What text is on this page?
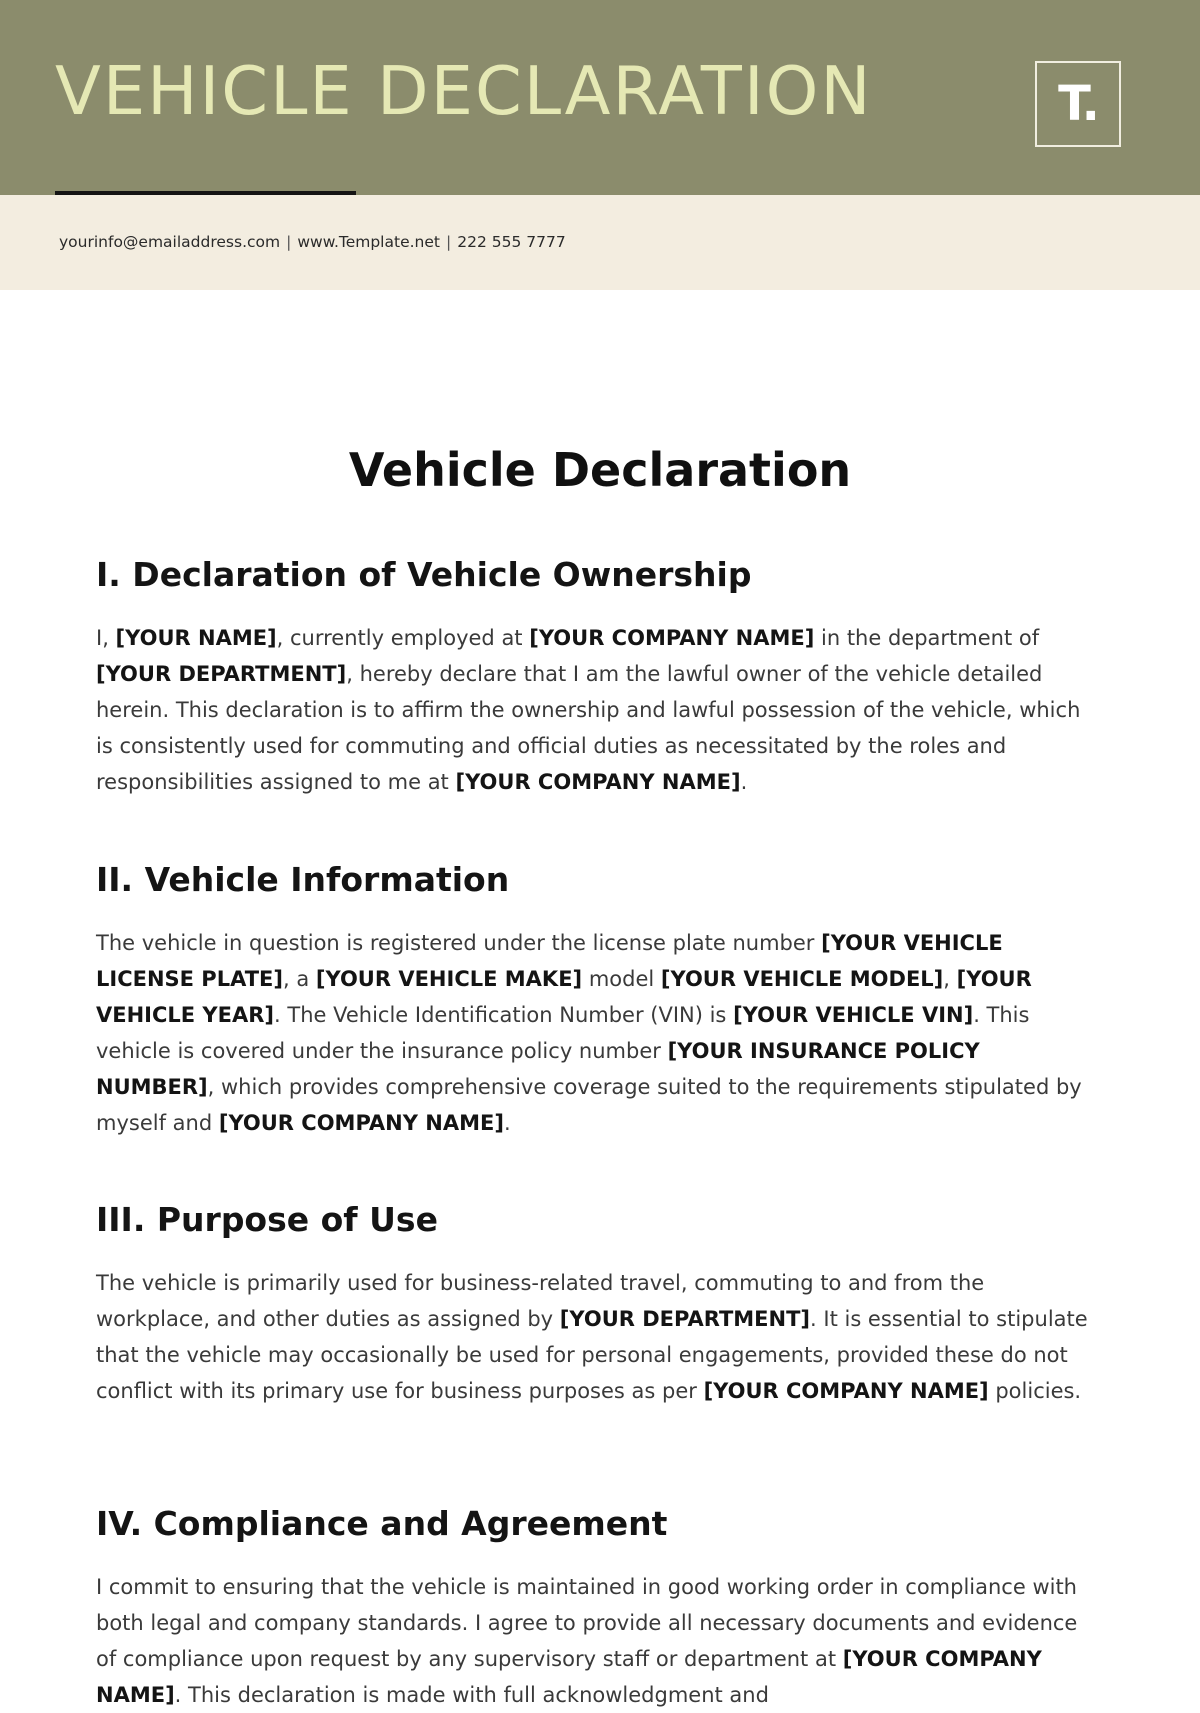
VEHICLE DECLARATION	T.
yourinfo@emailaddress.com | www.Template.net | 222 555 7777
Vehicle Declaration
I. Declaration of Vehicle Ownership

I, [YOUR NAME], currently employed at [YOUR COMPANY NAME] in the department of [YOUR DEPARTMENT], hereby declare that I am the lawful owner of the vehicle detailed herein. This declaration is to affirm the ownership and lawful possession of the vehicle, which is consistently used for commuting and official duties as necessitated by the roles and responsibilities assigned to me at [YOUR COMPANY NAME].

II. Vehicle Information

The vehicle in question is registered under the license plate number [YOUR VEHICLE LICENSE PLATE], a [YOUR VEHICLE MAKE] model [YOUR VEHICLE MODEL], [YOUR VEHICLE YEAR]. The Vehicle Identification Number (VIN) is [YOUR VEHICLE VIN]. This vehicle is covered under the insurance policy number [YOUR INSURANCE POLICY NUMBER], which provides comprehensive coverage suited to the requirements stipulated by myself and [YOUR COMPANY NAME].

III. Purpose of Use

The vehicle is primarily used for business-related travel, commuting to and from the workplace, and other duties as assigned by [YOUR DEPARTMENT]. It is essential to stipulate that the vehicle may occasionally be used for personal engagements, provided these do not conflict with its primary use for business purposes as per [YOUR COMPANY NAME] policies.

IV. Compliance and Agreement

I commit to ensuring that the vehicle is maintained in good working order in compliance with both legal and company standards. I agree to provide all necessary documents and evidence of compliance upon request by any supervisory staff or department at [YOUR COMPANY NAME]. This declaration is made with full acknowledgment and
